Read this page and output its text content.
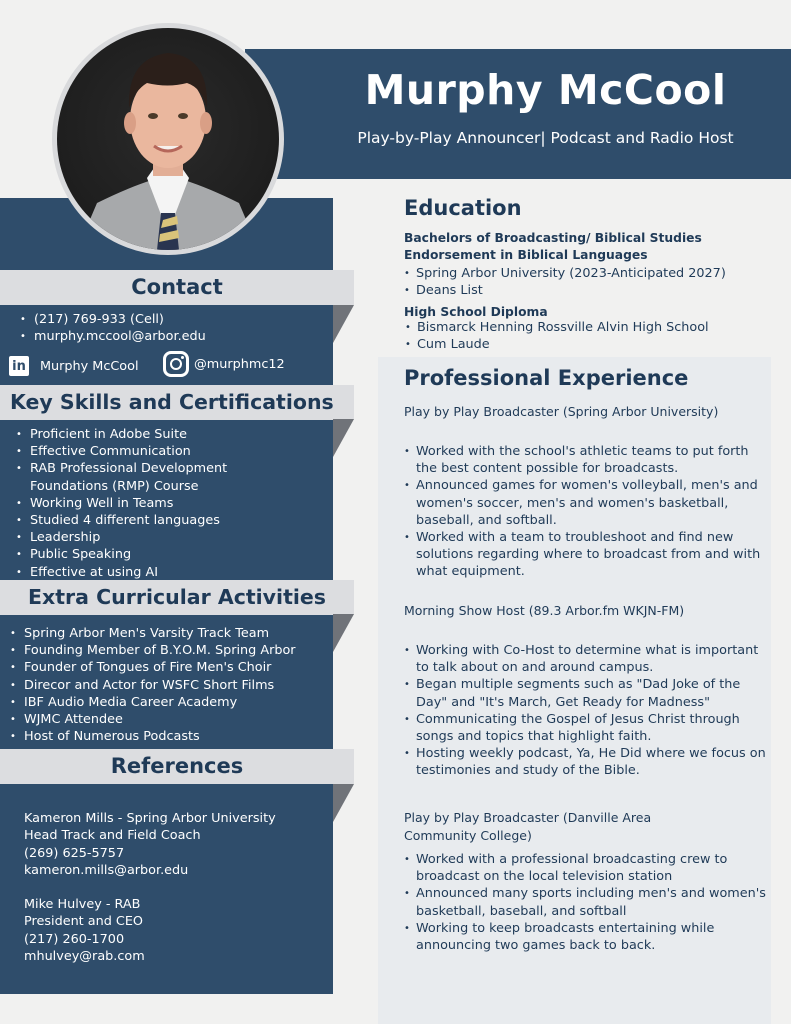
Murphy McCool
Play-by-Play Announcer| Podcast and Radio Host
Contact
• (217) 769-933 (Cell)
• murphy.mccool@arbor.edu
in Murphy McCool	@murphmc12
Key Skills and Certifications
• Proficient in Adobe Suite
• Effective Communication
• RAB Professional Development Foundations (RMP) Course
• Working Well in Teams
• Studied 4 different languages
• Leadership
• Public Speaking
• Effective at using AI
Extra Curricular Activities
• Spring Arbor Men's Varsity Track Team
• Founding Member of B.Y.O.M. Spring Arbor
• Founder of Tongues of Fire Men's Choir
• Direcor and Actor for WSFC Short Films
• IBF Audio Media Career Academy
• WJMC Attendee
• Host of Numerous Podcasts
References
Kameron Mills - Spring Arbor University
Head Track and Field Coach
(269) 625-5757
kameron.mills@arbor.edu
Mike Hulvey - RAB
President and CEO
(217) 260-1700
mhulvey@rab.com
Education
Bachelors of Broadcasting/ Biblical Studies
Endorsement in Biblical Languages
• Spring Arbor University (2023-Anticipated 2027)
• Deans List
High School Diploma
• Bismarck Henning Rossville Alvin High School
• Cum Laude
Professional Experience
Play by Play Broadcaster (Spring Arbor University)
• Worked with the school's athletic teams to put forth the best content possible for broadcasts.
• Announced games for women's volleyball, men's and women's soccer, men's and women's basketball, baseball, and softball.
• Worked with a team to troubleshoot and find new solutions regarding where to broadcast from and with what equipment.
Morning Show Host (89.3 Arbor.fm WKJN-FM)
• Working with Co-Host to determine what is important to talk about on and around campus.
• Began multiple segments such as "Dad Joke of the Day" and "It's March, Get Ready for Madness"
• Communicating the Gospel of Jesus Christ through songs and topics that highlight faith.
• Hosting weekly podcast, Ya, He Did where we focus on testimonies and study of the Bible.
Play by Play Broadcaster (Danville Area Community College)
• Worked with a professional broadcasting crew to broadcast on the local television station
• Announced many sports including men's and women's basketball, baseball, and softball
• Working to keep broadcasts entertaining while announcing two games back to back.
